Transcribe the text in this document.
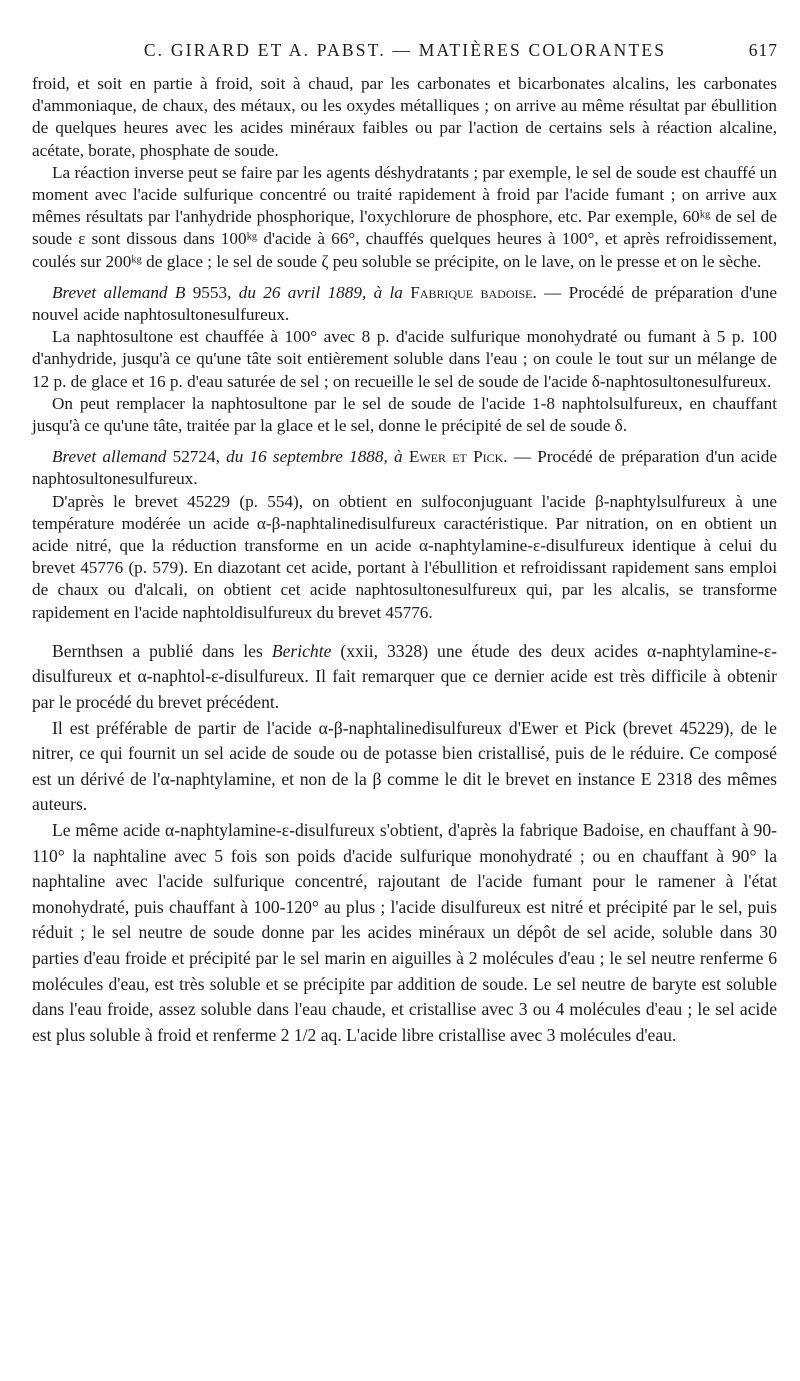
C. GIRARD ET A. PABST. — MATIÈRES COLORANTES	617

froid, et soit en partie à froid, soit à chaud, par les carbonates et bicarbonates alcalins, les carbonates d'ammoniaque, de chaux, des métaux, ou les oxydes métalliques ; on arrive au même résultat par ébullition de quelques heures avec les acides minéraux faibles ou par l'action de certains sels à réaction alcaline, acétate, borate, phosphate de soude.

La réaction inverse peut se faire par les agents déshydratants ; par exemple, le sel de soude est chauffé un moment avec l'acide sulfurique concentré ou traité rapidement à froid par l'acide fumant ; on arrive aux mêmes résultats par l'anhydride phosphorique, l'oxychlorure de phosphore, etc. Par exemple, 60ᵏᵍ de sel de soude ε sont dissous dans 100ᵏᵍ d'acide à 66°, chauffés quelques heures à 100°, et après refroidissement, coulés sur 200ᵏᵍ de glace ; le sel de soude ζ peu soluble se précipite, on le lave, on le presse et on le sèche.

Brevet allemand B 9553, du 26 avril 1889, à la Fabrique badoise. — Procédé de préparation d'une nouvel acide naphtosultonesulfureux.

La naphtosultone est chauffée à 100° avec 8 p. d'acide sulfurique monohydraté ou fumant à 5 p. 100 d'anhydride, jusqu'à ce qu'une tâte soit entièrement soluble dans l'eau ; on coule le tout sur un mélange de 12 p. de glace et 16 p. d'eau saturée de sel ; on recueille le sel de soude de l'acide δ-naphtosultonesulfureux.

On peut remplacer la naphtosultone par le sel de soude de l'acide 1-8 naphtolsulfureux, en chauffant jusqu'à ce qu'une tâte, traitée par la glace et le sel, donne le précipité de sel de soude δ.

Brevet allemand 52724, du 16 septembre 1888, à Ewer et Pick. — Procédé de préparation d'un acide naphtosultonesulfureux.

D'après le brevet 45229 (p. 554), on obtient en sulfoconjuguant l'acide β-naphtylsulfureux à une température modérée un acide α-β-naphtalinedisulfureux caractéristique. Par nitration, on en obtient un acide nitré, que la réduction transforme en un acide α-naphtylamine-ε-disulfureux identique à celui du brevet 45776 (p. 579). En diazotant cet acide, portant à l'ébullition et refroidissant rapidement sans emploi de chaux ou d'alcali, on obtient cet acide naphtosultonesulfureux qui, par les alcalis, se transforme rapidement en l'acide naphtoldisulfureux du brevet 45776.

Bernthsen a publié dans les Berichte (xxii, 3328) une étude des deux acides α-naphtylamine-ε-disulfureux et α-naphtol-ε-disulfureux. Il fait remarquer que ce dernier acide est très difficile à obtenir par le procédé du brevet précédent.

Il est préférable de partir de l'acide α-β-naphtalinedisulfureux d'Ewer et Pick (brevet 45229), de le nitrer, ce qui fournit un sel acide de soude ou de potasse bien cristallisé, puis de le réduire. Ce composé est un dérivé de l'α-naphtylamine, et non de la β comme le dit le brevet en instance E 2318 des mêmes auteurs.

Le même acide α-naphtylamine-ε-disulfureux s'obtient, d'après la fabrique Badoise, en chauffant à 90-110° la naphtaline avec 5 fois son poids d'acide sulfurique monohydraté ; ou en chauffant à 90° la naphtaline avec l'acide sulfurique concentré, rajoutant de l'acide fumant pour le ramener à l'état monohydraté, puis chauffant à 100-120° au plus ; l'acide disulfureux est nitré et précipité par le sel, puis réduit ; le sel neutre de soude donne par les acides minéraux un dépôt de sel acide, soluble dans 30 parties d'eau froide et précipité par le sel marin en aiguilles à 2 molécules d'eau ; le sel neutre renferme 6 molécules d'eau, est très soluble et se précipite par addition de soude. Le sel neutre de baryte est soluble dans l'eau froide, assez soluble dans l'eau chaude, et cristallise avec 3 ou 4 molécules d'eau ; le sel acide est plus soluble à froid et renferme 2 1/2 aq. L'acide libre cristallise avec 3 molécules d'eau.
